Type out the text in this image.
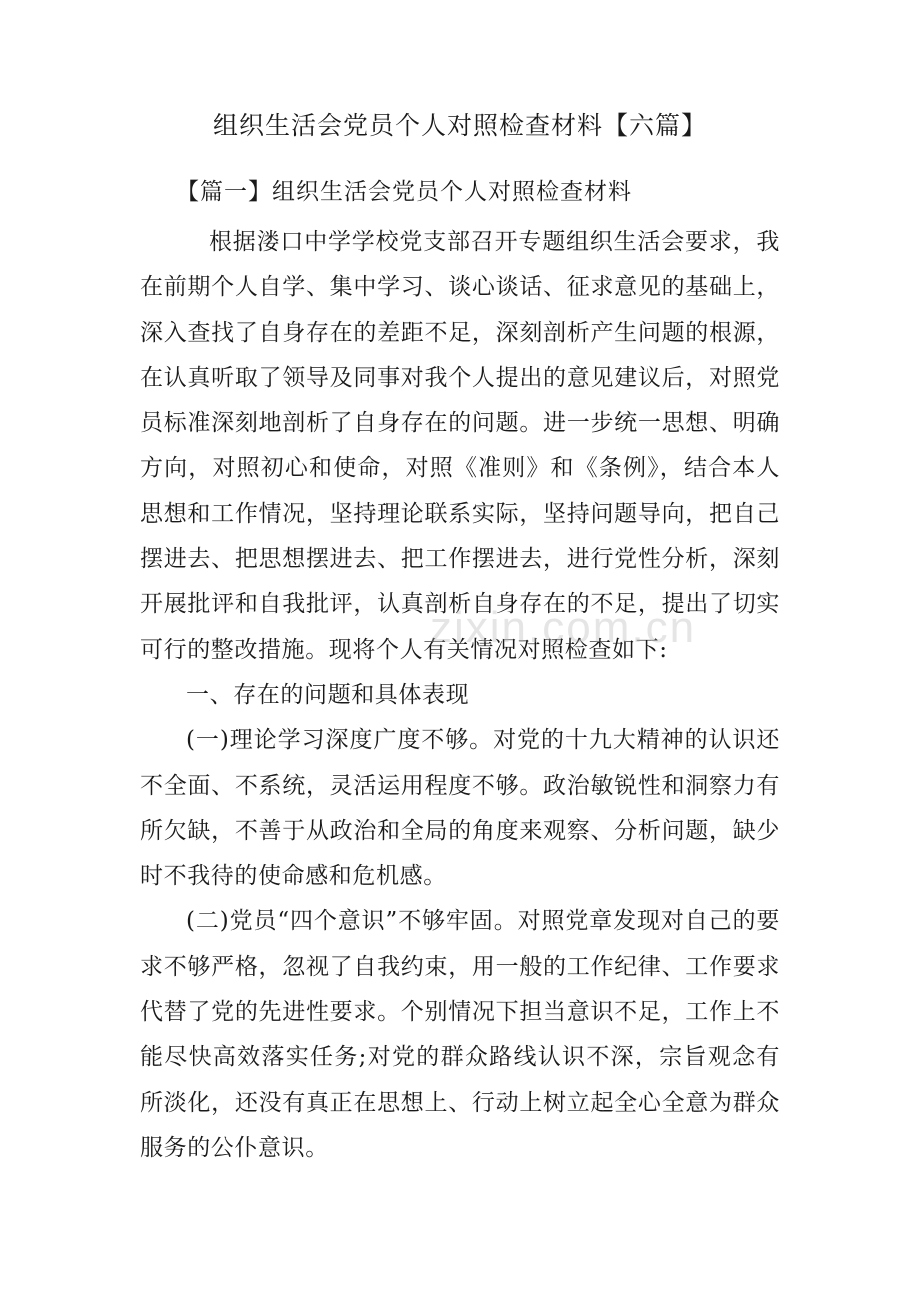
组织生活会党员个人对照检查材料【六篇】
【篇一】组织生活会党员个人对照检查材料

根据溇口中学学校党支部召开专题组织生活会要求，我在前期个人自学、集中学习、谈心谈话、征求意见的基础上，深入查找了自身存在的差距不足，深刻剖析产生问题的根源，在认真听取了领导及同事对我个人提出的意见建议后，对照党员标准深刻地剖析了自身存在的问题。进一步统一思想、明确方向，对照初心和使命，对照《准则》和《条例》，结合本人思想和工作情况，坚持理论联系实际，坚持问题导向，把自己摆进去、把思想摆进去、把工作摆进去，进行党性分析，深刻开展批评和自我批评，认真剖析自身存在的不足，提出了切实可行的整改措施。现将个人有关情况对照检查如下:

一、存在的问题和具体表现

(一)理论学习深度广度不够。对党的十九大精神的认识还不全面、不系统，灵活运用程度不够。政治敏锐性和洞察力有所欠缺，不善于从政治和全局的角度来观察、分析问题，缺少时不我待的使命感和危机感。

(二)党员“四个意识”不够牢固。对照党章发现对自己的要求不够严格，忽视了自我约束，用一般的工作纪律、工作要求代替了党的先进性要求。个别情况下担当意识不足，工作上不能尽快高效落实任务;对党的群众路线认识不深，宗旨观念有所淡化，还没有真正在思想上、行动上树立起全心全意为群众服务的公仆意识。

zixin.com.cn
